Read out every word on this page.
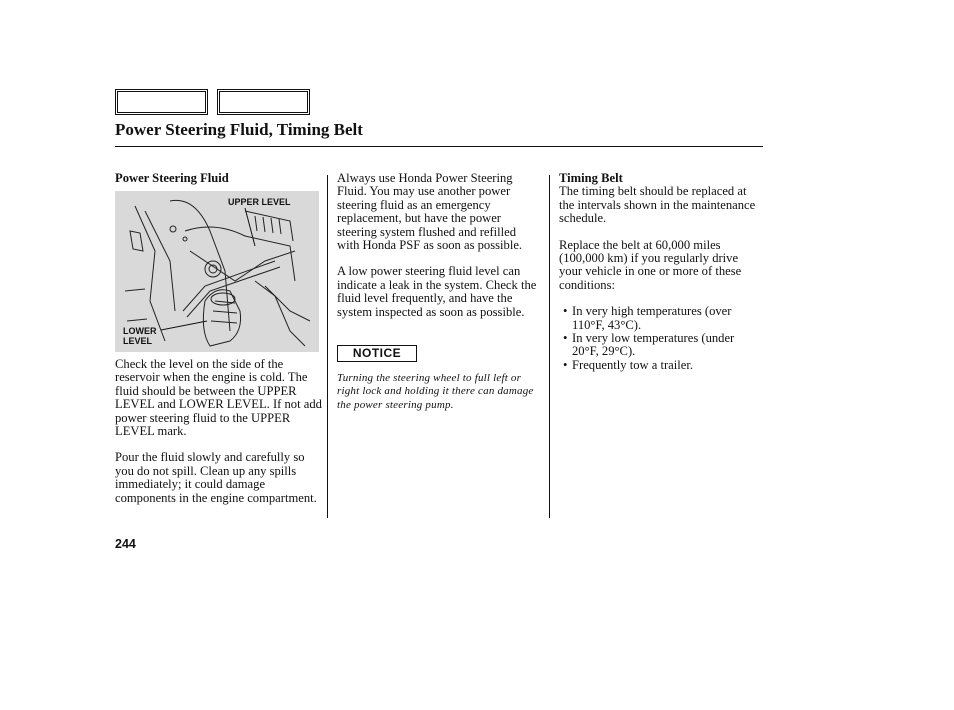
Power Steering Fluid, Timing Belt
Power Steering Fluid
UPPER LEVEL
LOWER
LEVEL

Check the level on the side of the reservoir when the engine is cold. The fluid should be between the UPPER LEVEL and LOWER LEVEL. If not add power steering fluid to the UPPER LEVEL mark.

Pour the fluid slowly and carefully so you do not spill. Clean up any spills immediately; it could damage components in the engine compartment.

Always use Honda Power Steering Fluid. You may use another power steering fluid as an emergency replacement, but have the power steering system flushed and refilled with Honda PSF as soon as possible.

A low power steering fluid level can indicate a leak in the system. Check the fluid level frequently, and have the system inspected as soon as possible.

NOTICE
Turning the steering wheel to full left or right lock and holding it there can damage the power steering pump.
Timing Belt

The timing belt should be replaced at the intervals shown in the maintenance schedule.

Replace the belt at 60,000 miles (100,000 km) if you regularly drive your vehicle in one or more of these conditions:

• In very high temperatures (over 110°F, 43°C).
• In very low temperatures (under 20°F, 29°C).
• Frequently tow a trailer.
244
